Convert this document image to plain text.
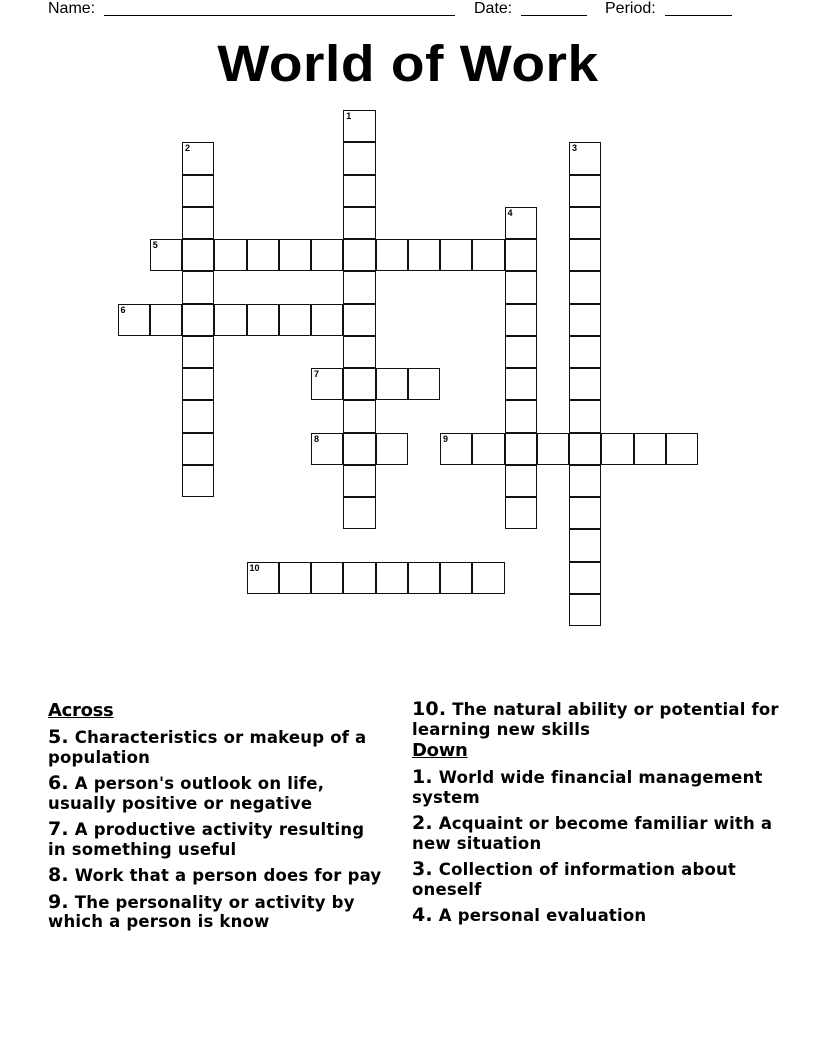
Name:	Date:	Period:
World of Work
1
2	3
4
5
6
7
8	9
10
Across
5. Characteristics or makeup of a population
6. A person's outlook on life, usually positive or negative
7. A productive activity resulting in something useful
8. Work that a person does for pay
9. The personality or activity by which a person is know
10. The natural ability or potential for learning new skills
Down
1. World wide financial management system
2. Acquaint or become familiar with a new situation
3. Collection of information about oneself
4. A personal evaluation
